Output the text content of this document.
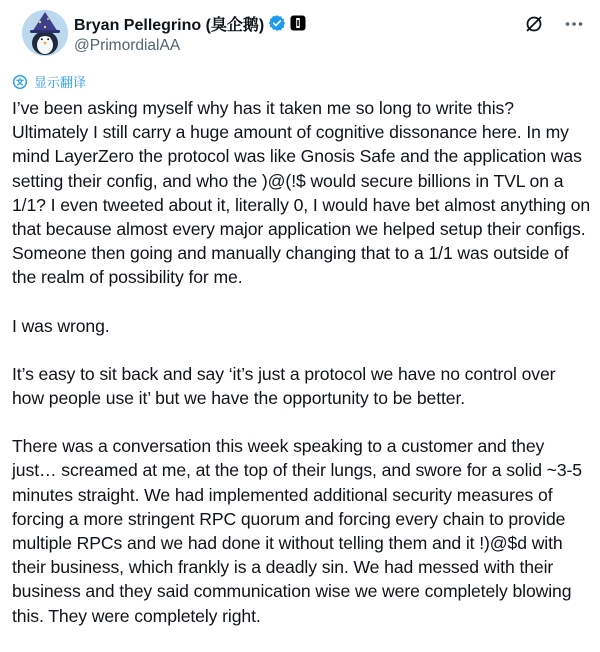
Bryan Pellegrino (臭企鹅)
@PrimordialAA
显示翻译

I’ve been asking myself why has it taken me so long to write this? Ultimately I still carry a huge amount of cognitive dissonance here. In my mind LayerZero the protocol was like Gnosis Safe and the application was setting their config, and who the )@(!$ would secure billions in TVL on a 1/1? I even tweeted about it, literally 0, I would have bet almost anything on that because almost every major application we helped setup their configs. Someone then going and manually changing that to a 1/1 was outside of the realm of possibility for me.

I was wrong.

It’s easy to sit back and say ‘it’s just a protocol we have no control over how people use it’ but we have the opportunity to be better.

There was a conversation this week speaking to a customer and they just… screamed at me, at the top of their lungs, and swore for a solid ~3-5 minutes straight. We had implemented additional security measures of forcing a more stringent RPC quorum and forcing every chain to provide multiple RPCs and we had done it without telling them and it !)@$d with their business, which frankly is a deadly sin. We had messed with their business and they said communication wise we were completely blowing this. They were completely right.
